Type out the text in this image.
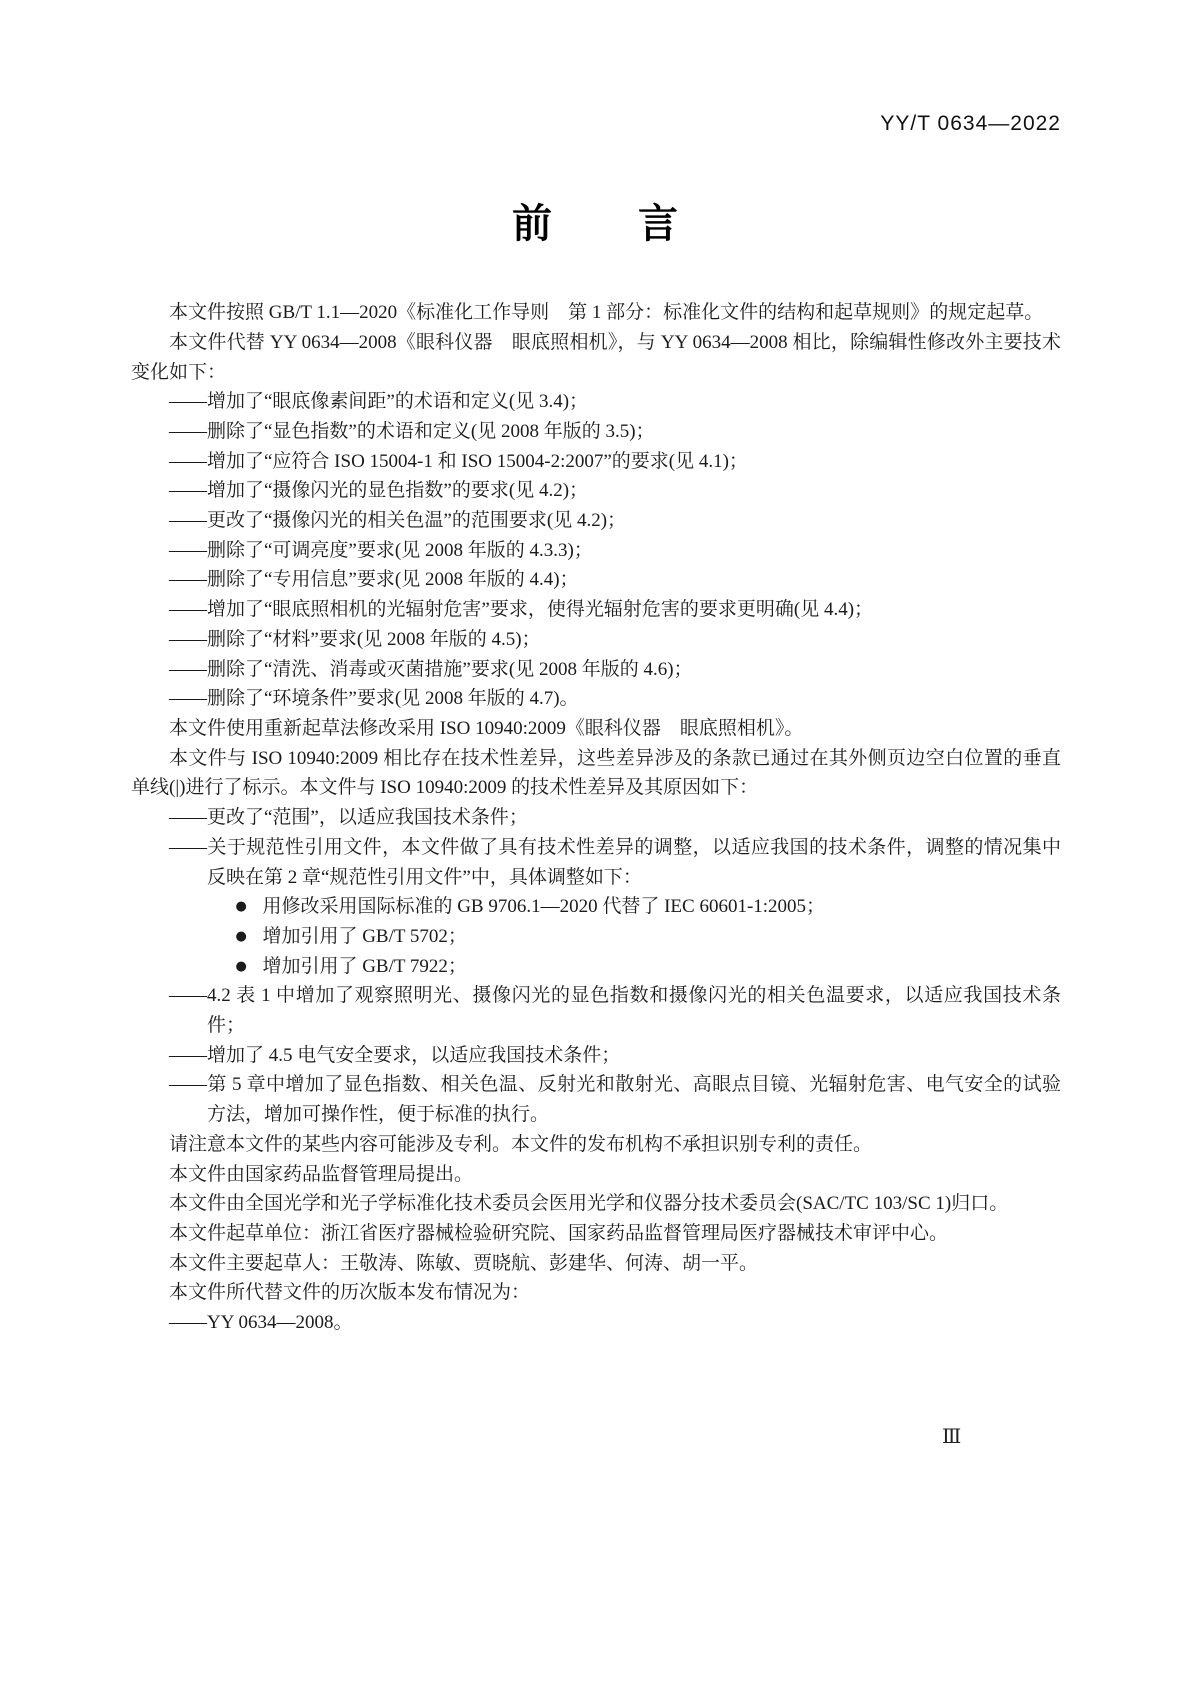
YY/T 0634—2022
前　　言

本文件按照 GB/T 1.1—2020《标准化工作导则　第 1 部分：标准化文件的结构和起草规则》的规定起草。

本文件代替 YY 0634—2008《眼科仪器　眼底照相机》，与 YY 0634—2008 相比，除编辑性修改外主要技术变化如下：

——增加了“眼底像素间距”的术语和定义(见 3.4)；

——删除了“显色指数”的术语和定义(见 2008 年版的 3.5)；

——增加了“应符合 ISO 15004-1 和 ISO 15004-2:2007”的要求(见 4.1)；

——增加了“摄像闪光的显色指数”的要求(见 4.2)；

——更改了“摄像闪光的相关色温”的范围要求(见 4.2)；

——删除了“可调亮度”要求(见 2008 年版的 4.3.3)；

——删除了“专用信息”要求(见 2008 年版的 4.4)；

——增加了“眼底照相机的光辐射危害”要求，使得光辐射危害的要求更明确(见 4.4)；

——删除了“材料”要求(见 2008 年版的 4.5)；

——删除了“清洗、消毒或灭菌措施”要求(见 2008 年版的 4.6)；

——删除了“环境条件”要求(见 2008 年版的 4.7)。

本文件使用重新起草法修改采用 ISO 10940:2009《眼科仪器　眼底照相机》。

本文件与 ISO 10940:2009 相比存在技术性差异，这些差异涉及的条款已通过在其外侧页边空白位置的垂直单线(|)进行了标示。本文件与 ISO 10940:2009 的技术性差异及其原因如下：

——更改了“范围”，以适应我国技术条件；

——关于规范性引用文件，本文件做了具有技术性差异的调整，以适应我国的技术条件，调整的情况集中反映在第 2 章“规范性引用文件”中，具体调整如下：

● 用修改采用国际标准的 GB 9706.1—2020 代替了 IEC 60601-1:2005；

● 增加引用了 GB/T 5702；

● 增加引用了 GB/T 7922；

——4.2 表 1 中增加了观察照明光、摄像闪光的显色指数和摄像闪光的相关色温要求，以适应我国技术条件；

——增加了 4.5 电气安全要求，以适应我国技术条件；

——第 5 章中增加了显色指数、相关色温、反射光和散射光、高眼点目镜、光辐射危害、电气安全的试验方法，增加可操作性，便于标准的执行。

请注意本文件的某些内容可能涉及专利。本文件的发布机构不承担识别专利的责任。

本文件由国家药品监督管理局提出。

本文件由全国光学和光子学标准化技术委员会医用光学和仪器分技术委员会(SAC/TC 103/SC 1)归口。

本文件起草单位：浙江省医疗器械检验研究院、国家药品监督管理局医疗器械技术审评中心。

本文件主要起草人：王敬涛、陈敏、贾晓航、彭建华、何涛、胡一平。

本文件所代替文件的历次版本发布情况为：

——YY 0634—2008。

Ⅲ
